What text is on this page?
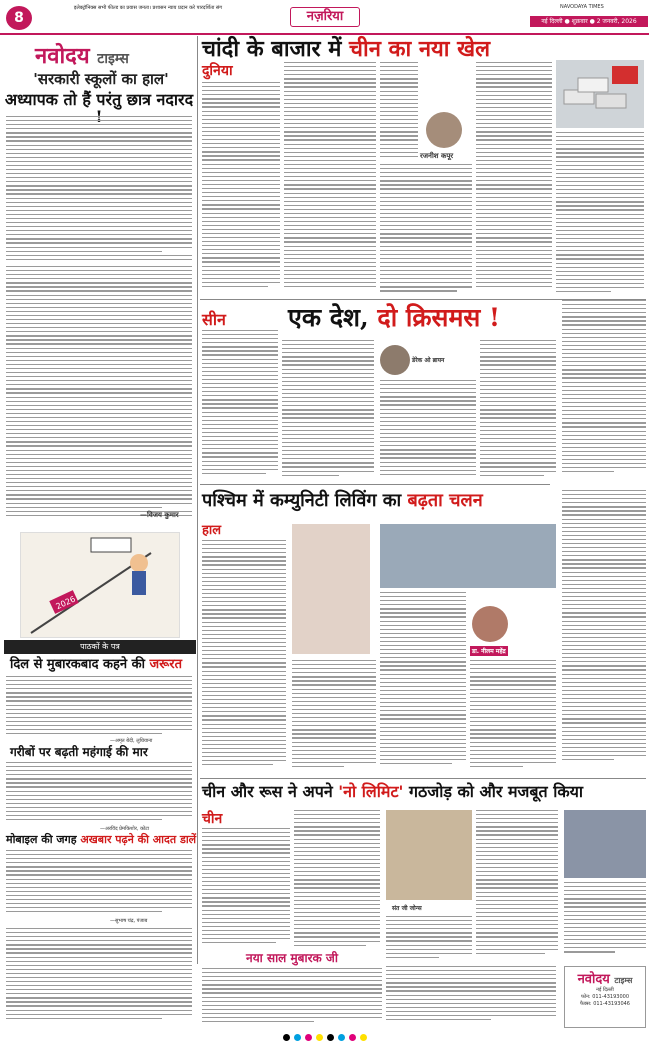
8
इलेक्ट्रॉनिक्स सभी फील्ड का प्रयास जनता। प्रशासन न्याय प्रदान करे पारदर्शिता संग
नज़रिया
NAVODAYA TIMES
नई दिल्ली ● शुक्रवार ● 2 जनवरी, 2026
नवोदय टाइम्स
'सरकारी स्कूलों का हाल'
अध्यापक तो हैं परंतु छात्र नदारद
—विजय कुमार
2026
पाठकों के पत्र
दिल से मुबारकबाद कहने की जरूरत
—अमृत बेदी, लुधियाना
गरीबों पर बढ़ती महंगाई की मार
—अरविंद प्रेमकिशोर, कोटा
मोबाइल की जगह अखबार पढ़ने की आदत डालें
—सुभाष चंद्र, पंजाब
चांदी के बाजार में चीन का नया खेल
दुनिया
रजनीश कपूर
सीन एक देश, दो क्रिसमस !
डेरेक ओ ब्रायन
पश्चिम में कम्युनिटी लिविंग का बढ़ता चलन
हाल
डा. नीलम महेंद्र
चीन और रूस ने अपने 'नो लिमिट' गठजोड़ को और मजबूत किया
चीन
संत जी जोन्स
नया साल मुबारक जी
नवोदय टाइम्स
नई दिल्ली
फोन: 011-43193000
फैक्स: 011-43193046
